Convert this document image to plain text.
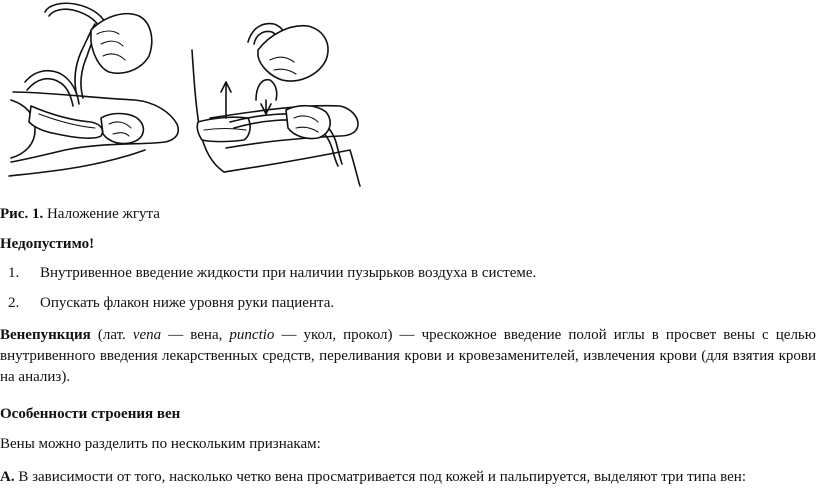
Рис. 1. Наложение жгута
Недопустимо!
1. Внутривенное введение жидкости при наличии пузырьков воздуха в системе.
2. Опускать флакон ниже уровня руки пациента.
Венепункция (лат. vena — вена, punctio — укол, прокол) — чрескожное введение полой иглы в просвет вены с целью внутривенного введения лекарственных средств, переливания крови и кровезаменителей, извлечения крови (для взятия крови на анализ).
Особенности строения вен
Вены можно разделить по нескольким признакам:
А. В зависимости от того, насколько четко вена просматривается под кожей и пальпируется, выделяют три типа вен:
